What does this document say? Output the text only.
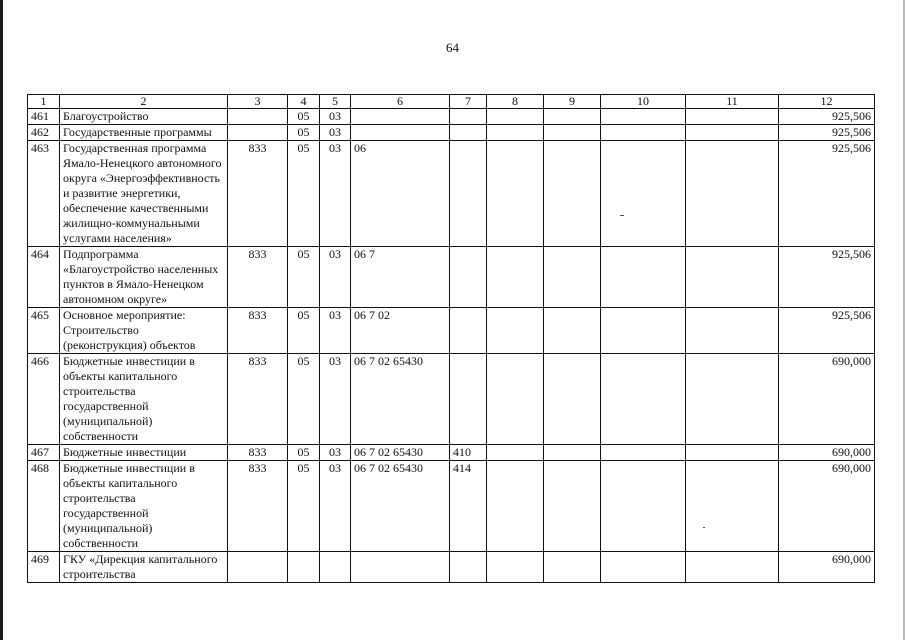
64
1	2	3	4	5	6	7	8	9	10	11	12
461	Благоустройство		05	03							925,506
462	Государственные программы		05	03							925,506
463	Государственная программа Ямало-Ненецкого автономного округа «Энергоэффективность и развитие энергетики, обеспечение качественными жилищно-коммунальными услугами населения»	833	05	03	06						925,506
464	Подпрограмма «Благоустройство населенных пунктов в Ямало-Ненецком автономном округе»	833	05	03	06 7						925,506
465	Основное мероприятие: Строительство (реконструкция) объектов	833	05	03	06 7 02						925,506
466	Бюджетные инвестиции в объекты капитального строительства государственной (муниципальной) собственности	833	05	03	06 7 02 65430						690,000
467	Бюджетные инвестиции	833	05	03	06 7 02 65430	410					690,000
468	Бюджетные инвестиции в объекты капитального строительства государственной (муниципальной) собственности	833	05	03	06 7 02 65430	414					690,000
469	ГКУ «Дирекция капитального строительства										690,000
